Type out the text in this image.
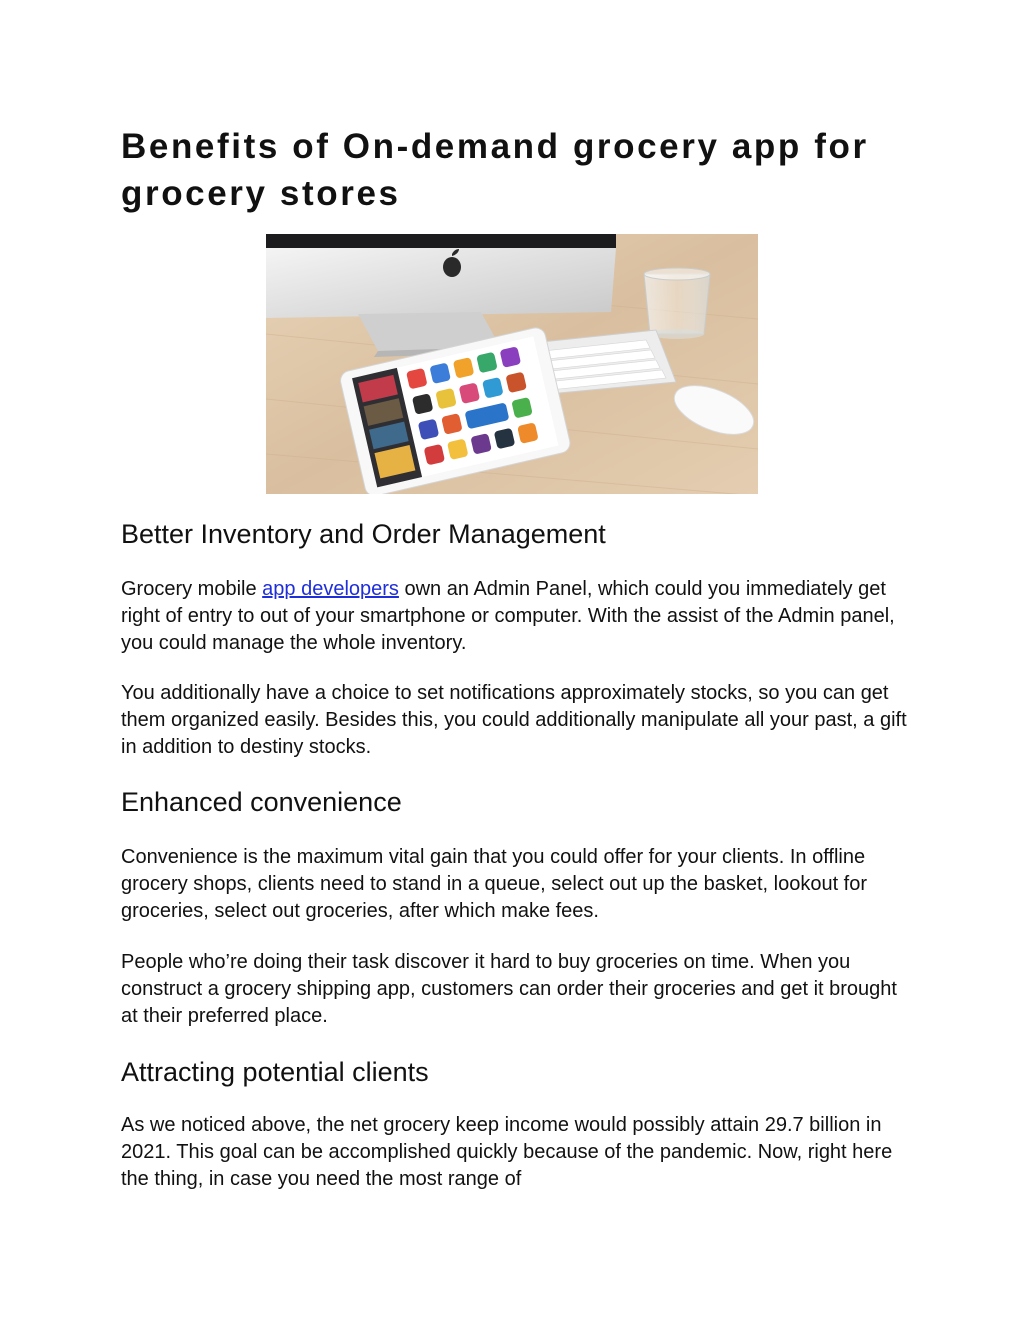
Benefits of On-demand grocery app for grocery stores
Better Inventory and Order Management

Grocery mobile app developers own an Admin Panel, which could you immediately get right of entry to out of your smartphone or computer. With the assist of the Admin panel, you could manage the whole inventory.

You additionally have a choice to set notifications approximately stocks, so you can get them organized easily. Besides this, you could additionally manipulate all your past, a gift in addition to destiny stocks.

Enhanced convenience

Convenience is the maximum vital gain that you could offer for your clients. In offline grocery shops, clients need to stand in a queue, select out up the basket, lookout for groceries, select out groceries, after which make fees.

People who’re doing their task discover it hard to buy groceries on time. When you construct a grocery shipping app, customers can order their groceries and get it brought at their preferred place.

Attracting potential clients

As we noticed above, the net grocery keep income would possibly attain 29.7 billion in 2021. This goal can be accomplished quickly because of the pandemic. Now, right here the thing, in case you need the most range of
